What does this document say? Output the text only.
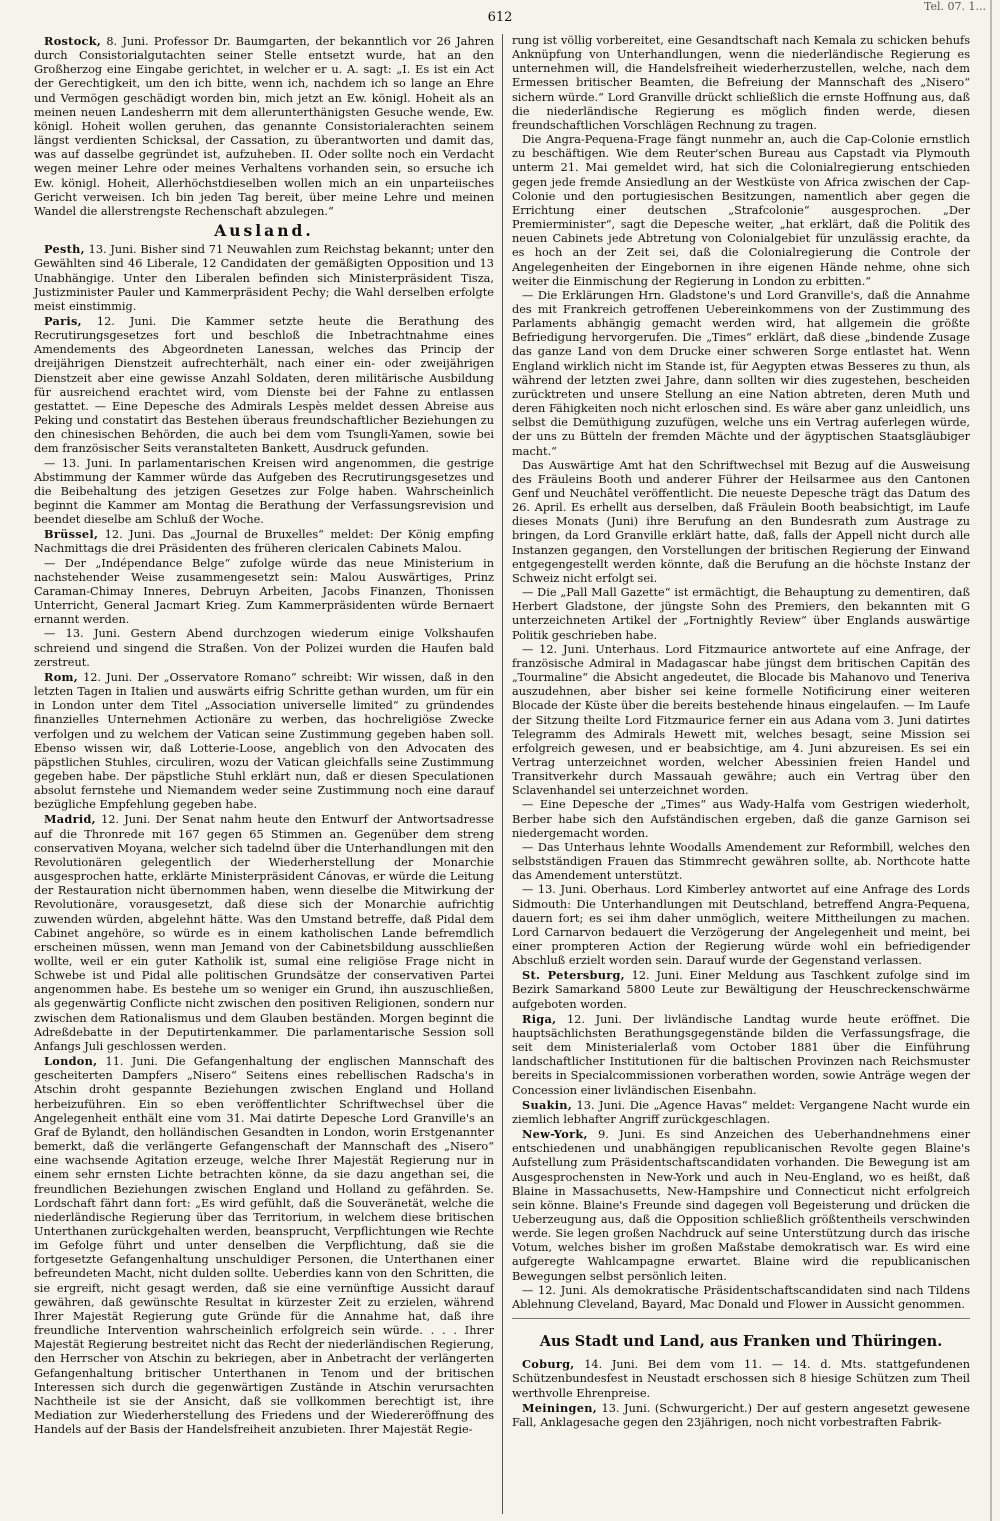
612
Tel. 07. 1...

Rostock, 8. Juni. Professor Dr. Baumgarten, der bekanntlich vor 26 Jahren durch Consistorialgutachten seiner Stelle entsetzt wurde, hat an den Großherzog eine Eingabe gerichtet, in welcher er u. A. sagt: „I. Es ist ein Act der Gerechtigkeit, um den ich bitte, wenn ich, nachdem ich so lange an Ehre und Vermögen geschädigt worden bin, mich jetzt an Ew. königl. Hoheit als an meinen neuen Landesherrn mit dem allerunterthänigsten Gesuche wende, Ew. königl. Hoheit wollen geruhen, das genannte Consistorialerachten seinem längst verdienten Schicksal, der Cassation, zu überantworten und damit das, was auf dasselbe gegründet ist, aufzuheben. II. Oder sollte noch ein Verdacht wegen meiner Lehre oder meines Verhaltens vorhanden sein, so ersuche ich Ew. königl. Hoheit, Allerhöchstdieselben wollen mich an ein unparteiisches Gericht verweisen. Ich bin jeden Tag bereit, über meine Lehre und meinen Wandel die allerstrengste Rechenschaft abzulegen.“

Ausland.

Pesth, 13. Juni. Bisher sind 71 Neuwahlen zum Reichstag bekannt; unter den Gewählten sind 46 Liberale, 12 Candidaten der gemäßigten Opposition und 13 Unabhängige. Unter den Liberalen befinden sich Ministerpräsident Tisza, Justizminister Pauler und Kammerpräsident Pechy; die Wahl derselben erfolgte meist einstimmig.

Paris, 12. Juni. Die Kammer setzte heute die Berathung des Recrutirungsgesetzes fort und beschloß die Inbetrachtnahme eines Amendements des Abgeordneten Lanessan, welches das Princip der dreijährigen Dienstzeit aufrechterhält, nach einer ein- oder zweijährigen Dienstzeit aber eine gewisse Anzahl Soldaten, deren militärische Ausbildung für ausreichend erachtet wird, vom Dienste bei der Fahne zu entlassen gestattet. — Eine Depesche des Admirals Lespès meldet dessen Abreise aus Peking und constatirt das Bestehen überaus freundschaftlicher Beziehungen zu den chinesischen Behörden, die auch bei dem vom Tsungli-Yamen, sowie bei dem französischer Seits veranstalteten Bankett, Ausdruck gefunden.

— 13. Juni. In parlamentarischen Kreisen wird angenommen, die gestrige Abstimmung der Kammer würde das Aufgeben des Recrutirungsgesetzes und die Beibehaltung des jetzigen Gesetzes zur Folge haben. Wahrscheinlich beginnt die Kammer am Montag die Berathung der Verfassungsrevision und beendet dieselbe am Schluß der Woche.

Brüssel, 12. Juni. Das „Journal de Bruxelles“ meldet: Der König empfing Nachmittags die drei Präsidenten des früheren clericalen Cabinets Malou.

— Der „Indépendance Belge“ zufolge würde das neue Ministerium in nachstehender Weise zusammengesetzt sein: Malou Auswärtiges, Prinz Caraman-Chimay Inneres, Debruyn Arbeiten, Jacobs Finanzen, Thonissen Unterricht, General Jacmart Krieg. Zum Kammerpräsidenten würde Bernaert ernannt werden.

— 13. Juni. Gestern Abend durchzogen wiederum einige Volkshaufen schreiend und singend die Straßen. Von der Polizei wurden die Haufen bald zerstreut.

Rom, 12. Juni. Der „Osservatore Romano“ schreibt: Wir wissen, daß in den letzten Tagen in Italien und auswärts eifrig Schritte gethan wurden, um für ein in London unter dem Titel „Association universelle limited“ zu gründendes finanzielles Unternehmen Actionäre zu werben, das hochreligiöse Zwecke verfolgen und zu welchem der Vatican seine Zustimmung gegeben haben soll. Ebenso wissen wir, daß Lotterie-Loose, angeblich von den Advocaten des päpstlichen Stuhles, circuliren, wozu der Vatican gleichfalls seine Zustimmung gegeben habe. Der päpstliche Stuhl erklärt nun, daß er diesen Speculationen absolut fernstehe und Niemandem weder seine Zustimmung noch eine darauf bezügliche Empfehlung gegeben habe.

Madrid, 12. Juni. Der Senat nahm heute den Entwurf der Antwortsadresse auf die Thronrede mit 167 gegen 65 Stimmen an. Gegenüber dem streng conservativen Moyana, welcher sich tadelnd über die Unterhandlungen mit den Revolutionären gelegentlich der Wiederherstellung der Monarchie ausgesprochen hatte, erklärte Ministerpräsident Cánovas, er würde die Leitung der Restauration nicht übernommen haben, wenn dieselbe die Mitwirkung der Revolutionäre, vorausgesetzt, daß diese sich der Monarchie aufrichtig zuwenden würden, abgelehnt hätte. Was den Umstand betreffe, daß Pidal dem Cabinet angehöre, so würde es in einem katholischen Lande befremdlich erscheinen müssen, wenn man Jemand von der Cabinetsbildung ausschließen wollte, weil er ein guter Katholik ist, sumal eine religiöse Frage nicht in Schwebe ist und Pidal alle politischen Grundsätze der conservativen Partei angenommen habe. Es bestehe um so weniger ein Grund, ihn auszuschließen, als gegenwärtig Conflicte nicht zwischen den positiven Religionen, sondern nur zwischen dem Rationalismus und dem Glauben beständen. Morgen beginnt die Adreßdebatte in der Deputirtenkammer. Die parlamentarische Session soll Anfangs Juli geschlossen werden.

London, 11. Juni. Die Gefangenhaltung der englischen Mannschaft des gescheiterten Dampfers „Nisero“ Seitens eines rebellischen Radscha's in Atschin droht gespannte Beziehungen zwischen England und Holland herbeizuführen. Ein so eben veröffentlichter Schriftwechsel über die Angelegenheit enthält eine vom 31. Mai datirte Depesche Lord Granville's an Graf de Bylandt, den holländischen Gesandten in London, worin Erstgenannter bemerkt, daß die verlängerte Gefangenschaft der Mannschaft des „Nisero“ eine wachsende Agitation erzeuge, welche Ihrer Majestät Regierung nur in einem sehr ernsten Lichte betrachten könne, da sie dazu angethan sei, die freundlichen Beziehungen zwischen England und Holland zu gefährden. Se. Lordschaft fährt dann fort: „Es wird gefühlt, daß die Souveränetät, welche die niederländische Regierung über das Territorium, in welchem diese britischen Unterthanen zurückgehalten werden, beansprucht, Verpflichtungen wie Rechte im Gefolge führt und unter denselben die Verpflichtung, daß sie die fortgesetzte Gefangenhaltung unschuldiger Personen, die Unterthanen einer befreundeten Macht, nicht dulden sollte. Ueberdies kann von den Schritten, die sie ergreift, nicht gesagt werden, daß sie eine vernünftige Aussicht darauf gewähren, daß gewünschte Resultat in kürzester Zeit zu erzielen, während Ihrer Majestät Regierung gute Gründe für die Annahme hat, daß ihre freundliche Intervention wahrscheinlich erfolgreich sein würde. . . . Ihrer Majestät Regierung bestreitet nicht das Recht der niederländischen Regierung, den Herrscher von Atschin zu bekriegen, aber in Anbetracht der verlängerten Gefangenhaltung britischer Unterthanen in Tenom und der britischen Interessen sich durch die gegenwärtigen Zustände in Atschin verursachten Nachtheile ist sie der Ansicht, daß sie vollkommen berechtigt ist, ihre Mediation zur Wiederherstellung des Friedens und der Wiedereröffnung des Handels auf der Basis der Handelsfreiheit anzubieten. Ihrer Majestät Regie-

rung ist völlig vorbereitet, eine Gesandtschaft nach Kemala zu schicken behufs Anknüpfung von Unterhandlungen, wenn die niederländische Regierung es unternehmen will, die Handelsfreiheit wiederherzustellen, welche, nach dem Ermessen britischer Beamten, die Befreiung der Mannschaft des „Nisero“ sichern würde.“ Lord Granville drückt schließlich die ernste Hoffnung aus, daß die niederländische Regierung es möglich finden werde, diesen freundschaftlichen Vorschlägen Rechnung zu tragen.

Die Angra-Pequena-Frage fängt nunmehr an, auch die Cap-Colonie ernstlich zu beschäftigen. Wie dem Reuter'schen Bureau aus Capstadt via Plymouth unterm 21. Mai gemeldet wird, hat sich die Colonialregierung entschieden gegen jede fremde Ansiedlung an der Westküste von Africa zwischen der Cap-Colonie und den portugiesischen Besitzungen, namentlich aber gegen die Errichtung einer deutschen „Strafcolonie“ ausgesprochen. „Der Premierminister“, sagt die Depesche weiter, „hat erklärt, daß die Politik des neuen Cabinets jede Abtretung von Colonialgebiet für unzulässig erachte, da es hoch an der Zeit sei, daß die Colonialregierung die Controle der Angelegenheiten der Eingebornen in ihre eigenen Hände nehme, ohne sich weiter die Einmischung der Regierung in London zu erbitten.“

— Die Erklärungen Hrn. Gladstone's und Lord Granville's, daß die Annahme des mit Frankreich getroffenen Uebereinkommens von der Zustimmung des Parlaments abhängig gemacht werden wird, hat allgemein die größte Befriedigung hervorgerufen. Die „Times“ erklärt, daß diese „bindende Zusage das ganze Land von dem Drucke einer schweren Sorge entlastet hat. Wenn England wirklich nicht im Stande ist, für Aegypten etwas Besseres zu thun, als während der letzten zwei Jahre, dann sollten wir dies zugestehen, bescheiden zurücktreten und unsere Stellung an eine Nation abtreten, deren Muth und deren Fähigkeiten noch nicht erloschen sind. Es wäre aber ganz unleidlich, uns selbst die Demüthigung zuzufügen, welche uns ein Vertrag auferlegen würde, der uns zu Bütteln der fremden Mächte und der ägyptischen Staatsgläubiger macht.“

Das Auswärtige Amt hat den Schriftwechsel mit Bezug auf die Ausweisung des Fräuleins Booth und anderer Führer der Heilsarmee aus den Cantonen Genf und Neuchâtel veröffentlicht. Die neueste Depesche trägt das Datum des 26. April. Es erhellt aus derselben, daß Fräulein Booth beabsichtigt, im Laufe dieses Monats (Juni) ihre Berufung an den Bundesrath zum Austrage zu bringen, da Lord Granville erklärt hatte, daß, falls der Appell nicht durch alle Instanzen gegangen, den Vorstellungen der britischen Regierung der Einwand entgegengestellt werden könnte, daß die Berufung an die höchste Instanz der Schweiz nicht erfolgt sei.

— Die „Pall Mall Gazette“ ist ermächtigt, die Behauptung zu dementiren, daß Herbert Gladstone, der jüngste Sohn des Premiers, den bekannten mit G unterzeichneten Artikel der „Fortnightly Review“ über Englands auswärtige Politik geschrieben habe.

— 12. Juni. Unterhaus. Lord Fitzmaurice antwortete auf eine Anfrage, der französische Admiral in Madagascar habe jüngst dem britischen Capitän des „Tourmaline“ die Absicht angedeutet, die Blocade bis Mahanovo und Teneriva auszudehnen, aber bisher sei keine formelle Notificirung einer weiteren Blocade der Küste über die bereits bestehende hinaus eingelaufen. — Im Laufe der Sitzung theilte Lord Fitzmaurice ferner ein aus Adana vom 3. Juni datirtes Telegramm des Admirals Hewett mit, welches besagt, seine Mission sei erfolgreich gewesen, und er beabsichtige, am 4. Juni abzureisen. Es sei ein Vertrag unterzeichnet worden, welcher Abessinien freien Handel und Transitverkehr durch Massauah gewähre; auch ein Vertrag über den Sclavenhandel sei unterzeichnet worden.

— Eine Depesche der „Times“ aus Wady-Halfa vom Gestrigen wiederholt, Berber habe sich den Aufständischen ergeben, daß die ganze Garnison sei niedergemacht worden.

— Das Unterhaus lehnte Woodalls Amendement zur Reformbill, welches den selbstständigen Frauen das Stimmrecht gewähren sollte, ab. Northcote hatte das Amendement unterstützt.

— 13. Juni. Oberhaus. Lord Kimberley antwortet auf eine Anfrage des Lords Sidmouth: Die Unterhandlungen mit Deutschland, betreffend Angra-Pequena, dauern fort; es sei ihm daher unmöglich, weitere Mittheilungen zu machen. Lord Carnarvon bedauert die Verzögerung der Angelegenheit und meint, bei einer prompteren Action der Regierung würde wohl ein befriedigender Abschluß erzielt worden sein. Darauf wurde der Gegenstand verlassen.

St. Petersburg, 12. Juni. Einer Meldung aus Taschkent zufolge sind im Bezirk Samarkand 5800 Leute zur Bewältigung der Heuschreckenschwärme aufgeboten worden.

Riga, 12. Juni. Der livländische Landtag wurde heute eröffnet. Die hauptsächlichsten Berathungsgegenstände bilden die Verfassungsfrage, die seit dem Ministerialerlaß vom October 1881 über die Einführung landschaftlicher Institutionen für die baltischen Provinzen nach Reichsmuster bereits in Specialcommissionen vorberathen worden, sowie Anträge wegen der Concession einer livländischen Eisenbahn.

Suakin, 13. Juni. Die „Agence Havas“ meldet: Vergangene Nacht wurde ein ziemlich lebhafter Angriff zurückgeschlagen.

New-York, 9. Juni. Es sind Anzeichen des Ueberhandnehmens einer entschiedenen und unabhängigen republicanischen Revolte gegen Blaine's Aufstellung zum Präsidentschaftscandidaten vorhanden. Die Bewegung ist am Ausgesprochensten in New-York und auch in Neu-England, wo es heißt, daß Blaine in Massachusetts, New-Hampshire und Connecticut nicht erfolgreich sein könne. Blaine's Freunde sind dagegen voll Begeisterung und drücken die Ueberzeugung aus, daß die Opposition schließlich größtentheils verschwinden werde. Sie legen großen Nachdruck auf seine Unterstützung durch das irische Votum, welches bisher im großen Maßstabe demokratisch war. Es wird eine aufgeregte Wahlcampagne erwartet. Blaine wird die republicanischen Bewegungen selbst persönlich leiten.

— 12. Juni. Als demokratische Präsidentschaftscandidaten sind nach Tildens Ablehnung Cleveland, Bayard, Mac Donald und Flower in Aussicht genommen.

Aus Stadt und Land, aus Franken und Thüringen.

Coburg, 14. Juni. Bei dem vom 11. — 14. d. Mts. stattgefundenen Schützenbundesfest in Neustadt erschossen sich 8 hiesige Schützen zum Theil werthvolle Ehrenpreise.

Meiningen, 13. Juni. (Schwurgericht.) Der auf gestern angesetzt gewesene Fall, Anklagesache gegen den 23jährigen, noch nicht vorbestraften Fabrik-
